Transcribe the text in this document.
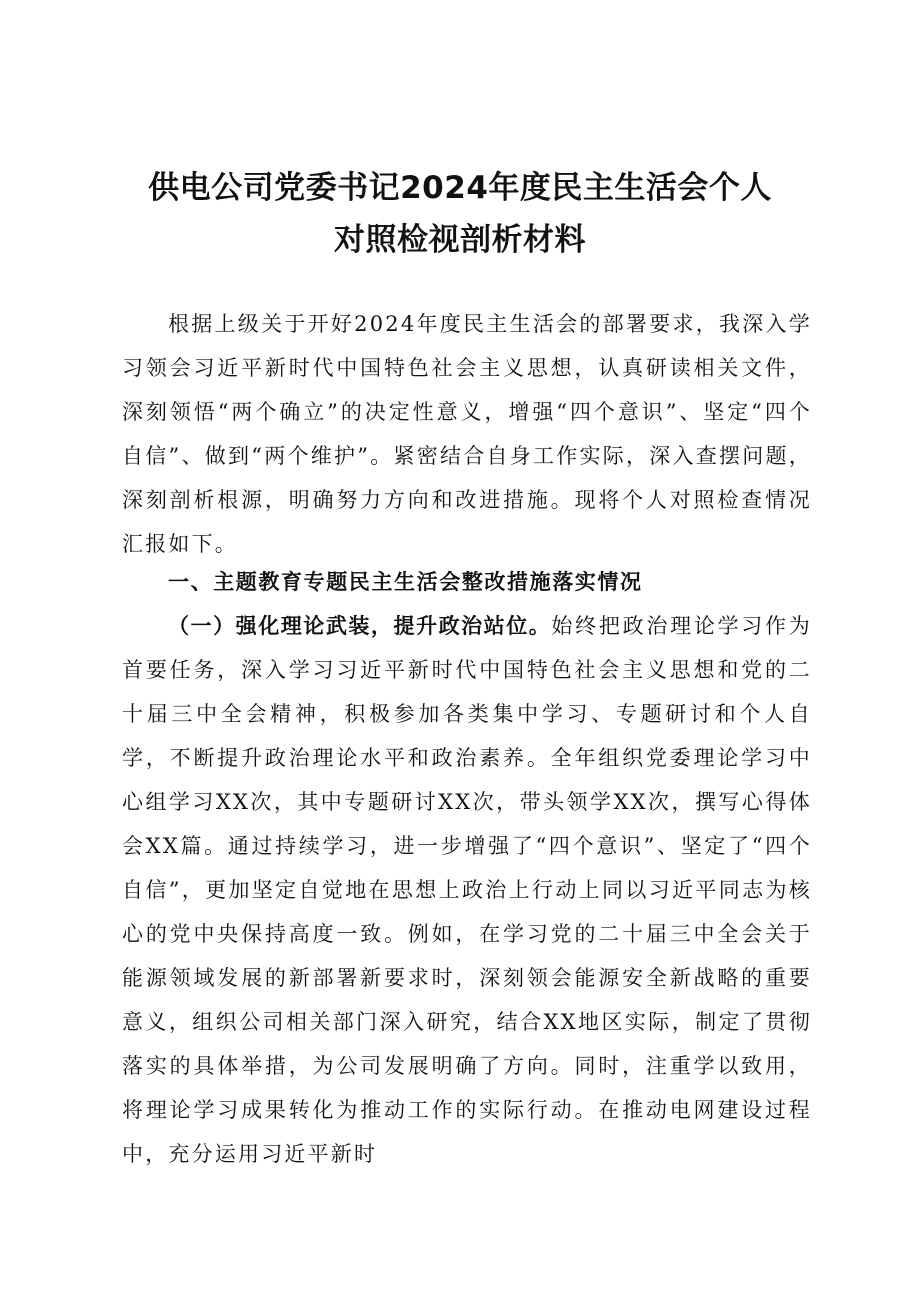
供电公司党委书记2024年度民主生活会个人
对照检视剖析材料

根据上级关于开好2024年度民主生活会的部署要求，我深入学习领会习近平新时代中国特色社会主义思想，认真研读相关文件，深刻领悟“两个确立”的决定性意义，增强“四个意识”、坚定“四个自信”、做到“两个维护”。紧密结合自身工作实际，深入查摆问题，深刻剖析根源，明确努力方向和改进措施。现将个人对照检查情况汇报如下。

一、主题教育专题民主生活会整改措施落实情况

（一）强化理论武装，提升政治站位。始终把政治理论学习作为首要任务，深入学习习近平新时代中国特色社会主义思想和党的二十届三中全会精神，积极参加各类集中学习、专题研讨和个人自学，不断提升政治理论水平和政治素养。全年组织党委理论学习中心组学习XX次，其中专题研讨XX次，带头领学XX次，撰写心得体会XX篇。通过持续学习，进一步增强了“四个意识”、坚定了“四个自信”，更加坚定自觉地在思想上政治上行动上同以习近平同志为核心的党中央保持高度一致。例如，在学习党的二十届三中全会关于能源领域发展的新部署新要求时，深刻领会能源安全新战略的重要意义，组织公司相关部门深入研究，结合XX地区实际，制定了贯彻落实的具体举措，为公司发展明确了方向。同时，注重学以致用，将理论学习成果转化为推动工作的实际行动。在推动电网建设过程中，充分运用习近平新时
